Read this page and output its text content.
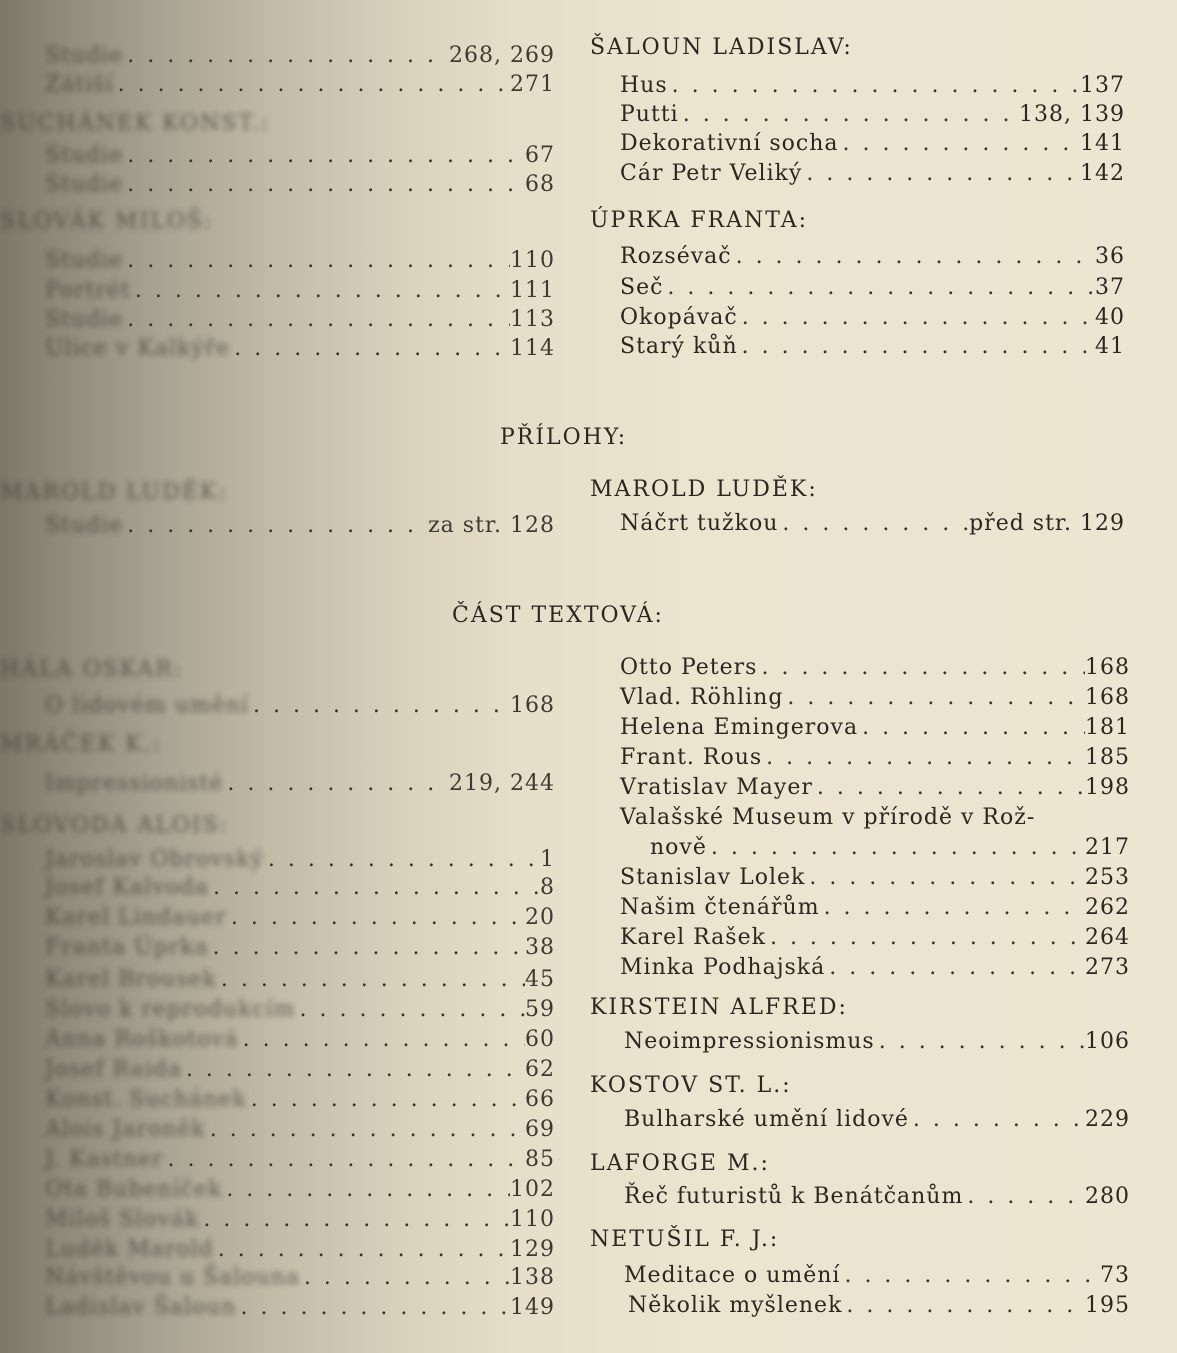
Studie . . .	268, 269
Zátiší . . .	271
SUCHÁNEK KONST.:
Studie . . .	67
Studie . . .	68
SLOVÁK MILOŠ:
Studie . . .	110
Portrét . . .	111
Studie . . .	113
Ulice v Kalkýře . . .	114
MAROLD LUDĚK:
Studie . . .	za str. 128
HÁLA OSKAR:
O lidovém umění . . .	168
MRÁČEK K.:
Impressionisté . . .	219, 244
SLOVODA ALOIS:
Jaroslav Obrovský . . .	1
Josef Kalvoda . . .	8
Karel Lindauer . . .	20
Franta Úprka . . .	38
Karel Brousek . . .	45
Slovo k reprodukcím . . .	59
Anna Roškotová . . .	60
Josef Raida . . .	62
Konst. Suchánek . . .	66
Alois Jaroněk . . .	69
J. Kastner . . .	85
Ota Bubeníček . . .	102
Miloš Slovák . . .	110
Luděk Marold . . .	129
Návštěvou u Šalouna . . .	138
Ladislav Šaloun . . .	149
ŠALOUN LADISLAV:
Hus . . .	137
Putti . . .	138, 139
Dekorativní socha . . .	141
Cár Petr Veliký . . .	142
ÚPRKA FRANTA:
Rozsévač . . .	36
Seč . . .	37
Okopávač . . .	40
Starý kůň . . .	41
MAROLD LUDĚK:
Náčrt tužkou . . .	před str. 129
Otto Peters . . .	168
Vlad. Röhling . . .	168
Helena Emingerova . . .	181
Frant. Rous . . .	185
Vratislav Mayer . . .	198
Valašské Museum v přírodě v Rož-
nově . . .	217
Stanislav Lolek . . .	253
Našim čtenářům . . .	262
Karel Rašek . . .	264
Minka Podhajská . . .	273
KIRSTEIN ALFRED:
Neoimpressionismus . . .	106
KOSTOV ST. L.:
Bulharské umění lidové . . .	229
LAFORGE M.:
Řeč futuristů k Benátčanům . . .	280
NETUŠIL F. J.:
Meditace o umění . . .	73
Několik myšlenek . . .	195
PŘÍLOHY:
ČÁST TEXTOVÁ:
